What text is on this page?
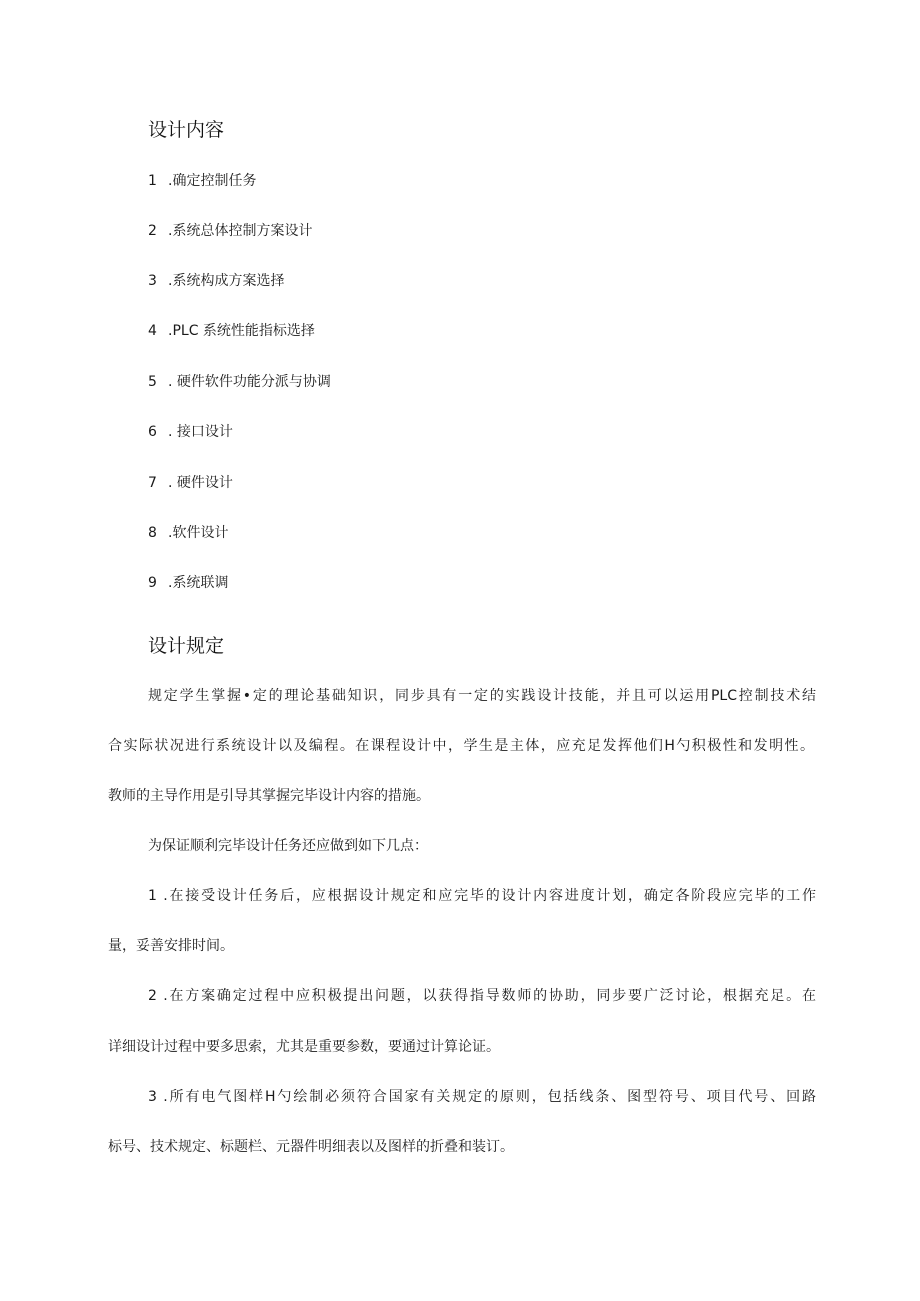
设计内容
1 .确定控制任务
2 .系统总体控制方案设计
3 .系统构成方案选择
4 .PLC 系统性能指标选择
5 . 硬件软件功能分派与协调
6 . 接口设计
7 . 硬件设计
8 .软件设计
9 .系统联调
设计规定
规定学生掌握•定的理论基础知识，同步具有一定的实践设计技能，并且可以运用PLC控制技术结
合实际状况进行系统设计以及编程。在课程设计中，学生是主体，应充足发挥他们H勺积极性和发明性。
教师的主导作用是引导其掌握完毕设计内容的措施。
为保证顺利完毕设计任务还应做到如下几点：
1 .在接受设计任务后，应根据设计规定和应完毕的设计内容进度计划，确定各阶段应完毕的工作
量，妥善安排时间。
2 .在方案确定过程中应积极提出问题，以获得指导数师的协助，同步要广泛讨论，根据充足。在
详细设计过程中要多思索，尤其是重要参数，要通过计算论证。
3 .所有电气图样H勺绘制必须符合国家有关规定的原则，包括线条、图型符号、项目代号、回路
标号、技术规定、标题栏、元器件明细表以及图样的折叠和装订。
